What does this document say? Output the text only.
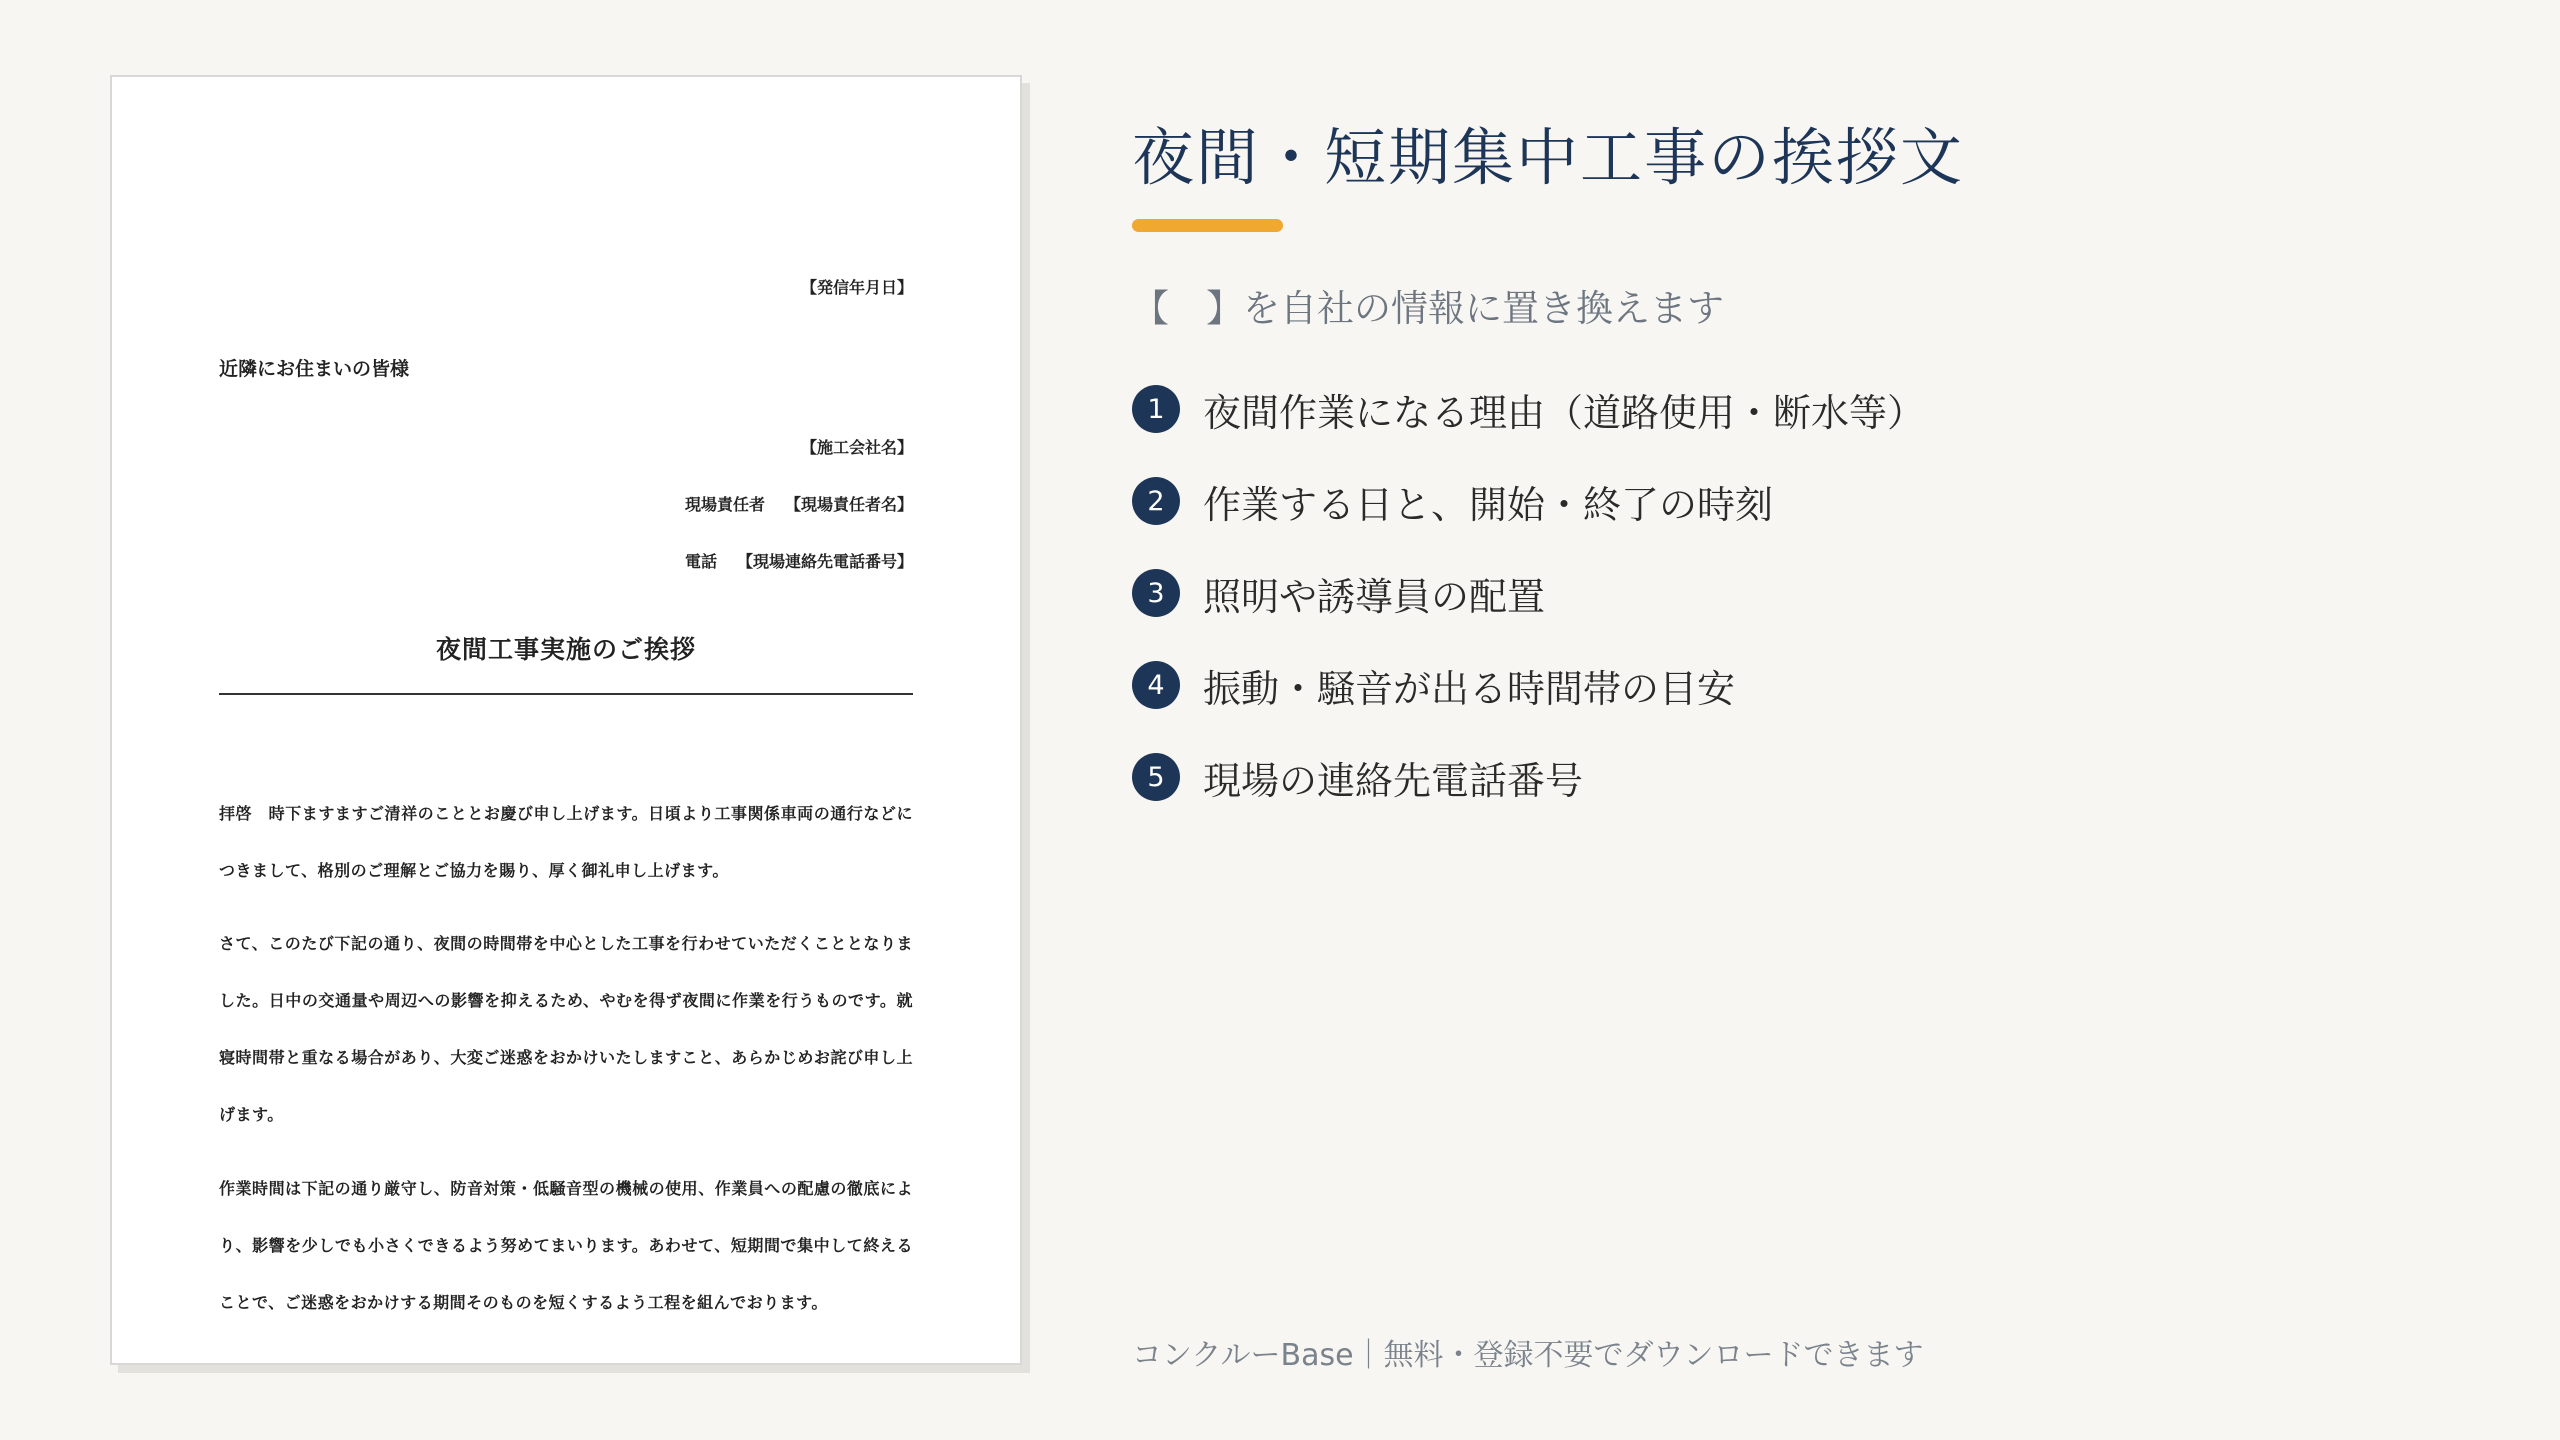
【発信年月日】
近隣にお住まいの皆様
【施工会社名】
現場責任者 【現場責任者名】
電話 【現場連絡先電話番号】
夜間工事実施のご挨拶

拝啓　時下ますますご清祥のこととお慶び申し上げます。日頃より工事関係車両の通行などにつきまして、格別のご理解とご協力を賜り、厚く御礼申し上げます。

さて、このたび下記の通り、夜間の時間帯を中心とした工事を行わせていただくこととなりました。日中の交通量や周辺への影響を抑えるため、やむを得ず夜間に作業を行うものです。就寝時間帯と重なる場合があり、大変ご迷惑をおかけいたしますこと、あらかじめお詫び申し上げます。

作業時間は下記の通り厳守し、防音対策・低騒音型の機械の使用、作業員への配慮の徹底により、影響を少しでも小さくできるよう努めてまいります。あわせて、短期間で集中して終えることで、ご迷惑をおかけする期間そのものを短くするよう工程を組んでおります。

夜間・短期集中工事の挨拶文
【　】を自社の情報に置き換えます
1	夜間作業になる理由（道路使用・断水等）
2	作業する日と、開始・終了の時刻
3	照明や誘導員の配置
4	振動・騒音が出る時間帯の目安
5	現場の連絡先電話番号
コンクルーBase｜無料・登録不要でダウンロードできます
